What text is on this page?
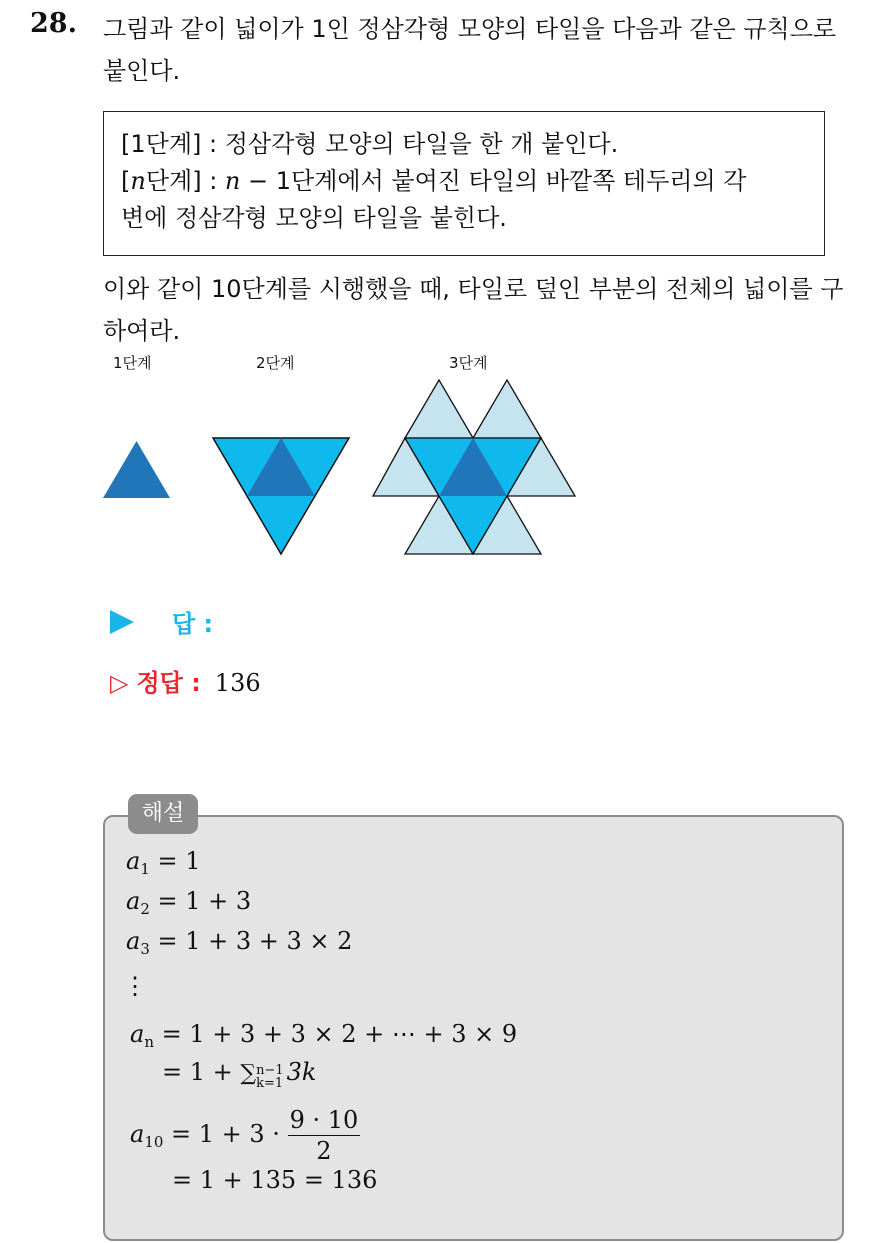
28. 그림과 같이 넓이가 1인 정삼각형 모양의 타일을 다음과 같은 규칙으로 붙인다.
[1단계] : 정삼각형 모양의 타일을 한 개 붙인다.
[n단계] : n − 1단계에서 붙여진 타일의 바깥쪽 테두리의 각
변에 정삼각형 모양의 타일을 붙힌다.
이와 같이 10단계를 시행했을 때, 타일로 덮인 부분의 전체의 넓이를 구하여라.
1단계	2단계	3단계
답 :
▷ 정답 : 136
해설
$a_1 = 1$
$a_2 = 1 + 3$
$a_3 = 1 + 3 + 3 \times 2$
⋮
$a_n = 1 + 3 + 3 \times 2$ + ⋯ + 3 × 9
= 1 + ∑ n−1
k=1 3k
$a_{10} = 1 + 3 \cdot \frac{9 \cdot 10}{2}$
= 1 + 135 = 136
